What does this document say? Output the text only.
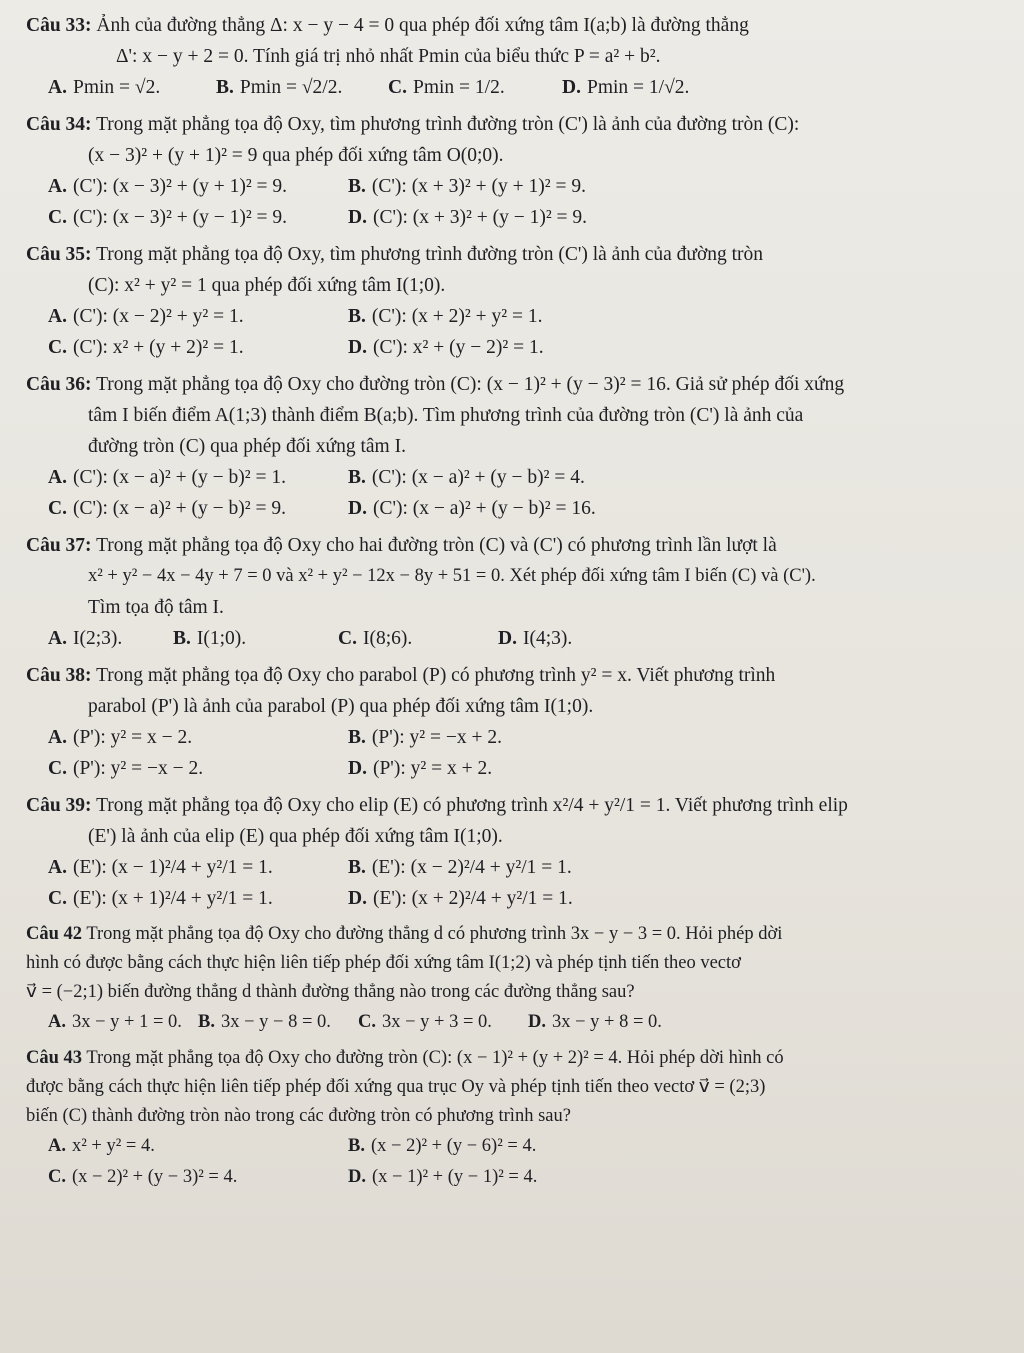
Câu 33: Ảnh của đường thẳng Δ: x − y − 4 = 0 qua phép đối xứng tâm I(a;b) là đường thẳng
Δ': x − y + 2 = 0. Tính giá trị nhỏ nhất Pmin của biểu thức P = a² + b².
A. Pmin = √2.	B. Pmin = √2/2.	C. Pmin = 1/2.	D. Pmin = 1/√2.
Câu 34: Trong mặt phẳng tọa độ Oxy, tìm phương trình đường tròn (C') là ảnh của đường tròn (C):
(x − 3)² + (y + 1)² = 9 qua phép đối xứng tâm O(0;0).
A. (C'): (x − 3)² + (y + 1)² = 9.	B. (C'): (x + 3)² + (y + 1)² = 9.
C. (C'): (x − 3)² + (y − 1)² = 9.	D. (C'): (x + 3)² + (y − 1)² = 9.
Câu 35: Trong mặt phẳng tọa độ Oxy, tìm phương trình đường tròn (C') là ảnh của đường tròn
(C): x² + y² = 1 qua phép đối xứng tâm I(1;0).
A. (C'): (x − 2)² + y² = 1.	B. (C'): (x + 2)² + y² = 1.
C. (C'): x² + (y + 2)² = 1.	D. (C'): x² + (y − 2)² = 1.
Câu 36: Trong mặt phẳng tọa độ Oxy cho đường tròn (C): (x − 1)² + (y − 3)² = 16. Giả sử phép đối xứng
tâm I biến điểm A(1;3) thành điểm B(a;b). Tìm phương trình của đường tròn (C') là ảnh của
đường tròn (C) qua phép đối xứng tâm I.
A. (C'): (x − a)² + (y − b)² = 1.	B. (C'): (x − a)² + (y − b)² = 4.
C. (C'): (x − a)² + (y − b)² = 9.	D. (C'): (x − a)² + (y − b)² = 16.
Câu 37: Trong mặt phẳng tọa độ Oxy cho hai đường tròn (C) và (C') có phương trình lần lượt là
x² + y² − 4x − 4y + 7 = 0 và x² + y² − 12x − 8y + 51 = 0. Xét phép đối xứng tâm I biến (C) và (C').
Tìm tọa độ tâm I.
A. I(2;3).	B. I(1;0).	C. I(8;6).	D. I(4;3).
Câu 38: Trong mặt phẳng tọa độ Oxy cho parabol (P) có phương trình y² = x. Viết phương trình
parabol (P') là ảnh của parabol (P) qua phép đối xứng tâm I(1;0).
A. (P'): y² = x − 2.	B. (P'): y² = −x + 2.
C. (P'): y² = −x − 2.	D. (P'): y² = x + 2.
Câu 39: Trong mặt phẳng tọa độ Oxy cho elip (E) có phương trình x²/4 + y²/1 = 1. Viết phương trình elip
(E') là ảnh của elip (E) qua phép đối xứng tâm I(1;0).
A. (E'): (x − 1)²/4 + y²/1 = 1.	B. (E'): (x − 2)²/4 + y²/1 = 1.
C. (E'): (x + 1)²/4 + y²/1 = 1.	D. (E'): (x + 2)²/4 + y²/1 = 1.
Câu 42 Trong mặt phẳng tọa độ Oxy cho đường thẳng d có phương trình 3x − y − 3 = 0. Hỏi phép dời
hình có được bằng cách thực hiện liên tiếp phép đối xứng tâm I(1;2) và phép tịnh tiến theo vectơ
v⃗ = (−2;1) biến đường thẳng d thành đường thẳng nào trong các đường thẳng sau?
A. 3x − y + 1 = 0. B. 3x − y − 8 = 0.	C. 3x − y + 3 = 0.	D. 3x − y + 8 = 0.
Câu 43 Trong mặt phẳng tọa độ Oxy cho đường tròn (C): (x − 1)² + (y + 2)² = 4. Hỏi phép dời hình có
được bằng cách thực hiện liên tiếp phép đối xứng qua trục Oy và phép tịnh tiến theo vectơ v⃗ = (2;3)
biến (C) thành đường tròn nào trong các đường tròn có phương trình sau?
A. x² + y² = 4.	B. (x − 2)² + (y − 6)² = 4.
C. (x − 2)² + (y − 3)² = 4.	D. (x − 1)² + (y − 1)² = 4.
